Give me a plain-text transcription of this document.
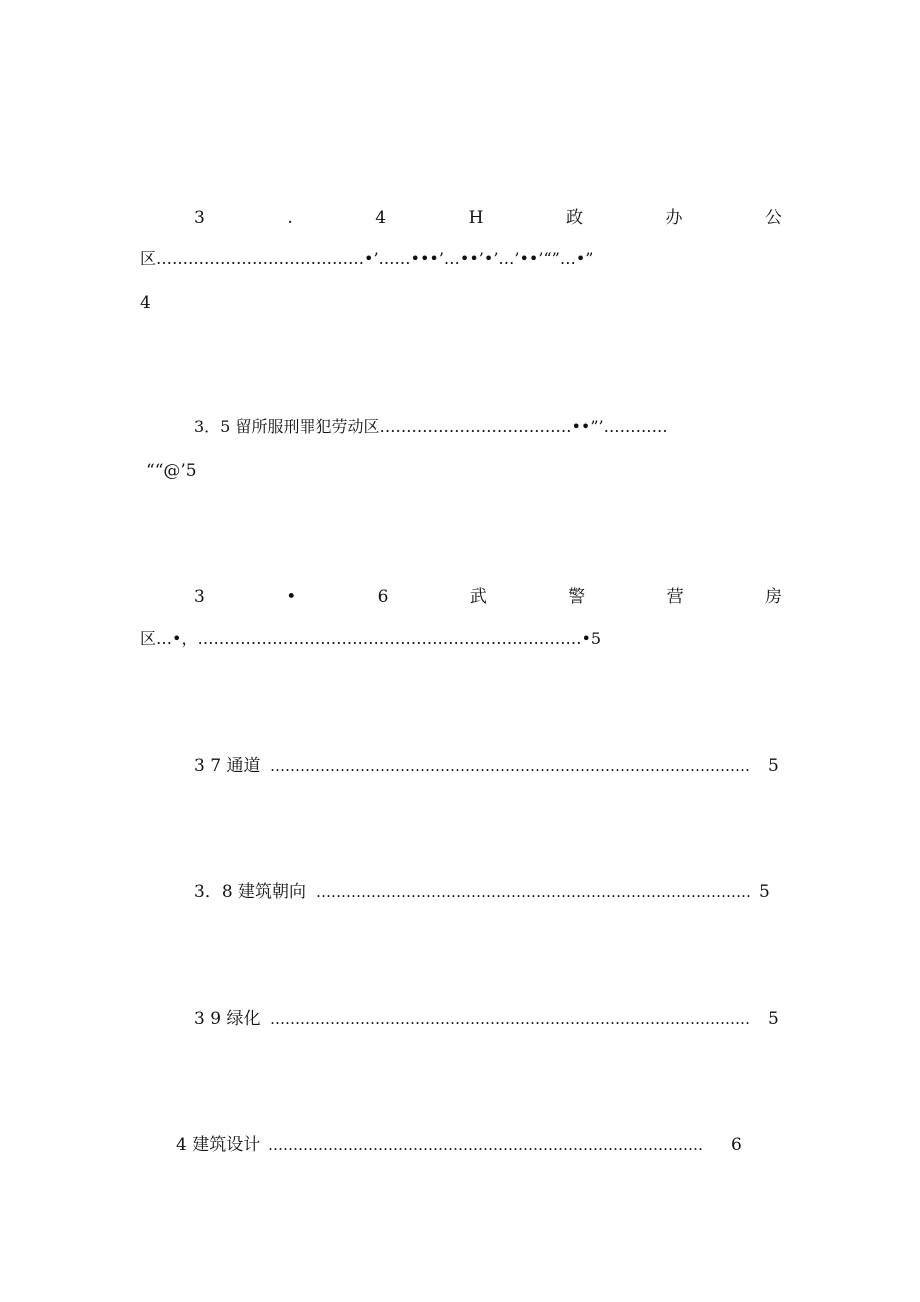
3	.	4	H	政	办	公
区…………………………………•’……•••’…••’•’…’••’“”…•”
4
3．5 留所服刑罪犯劳动区………………………………••”’…………
““@’5
3	•	6	武	警	营	房
区…•，………………………………………………………………•5
3 7 通道 …………………………………………………………………………………… 5
3．8 建筑朝向 …………………………………………………………………………… 5
3 9 绿化 …………………………………………………………………………………… 5
4 建筑设计 ……………………………………………………………………………	6
